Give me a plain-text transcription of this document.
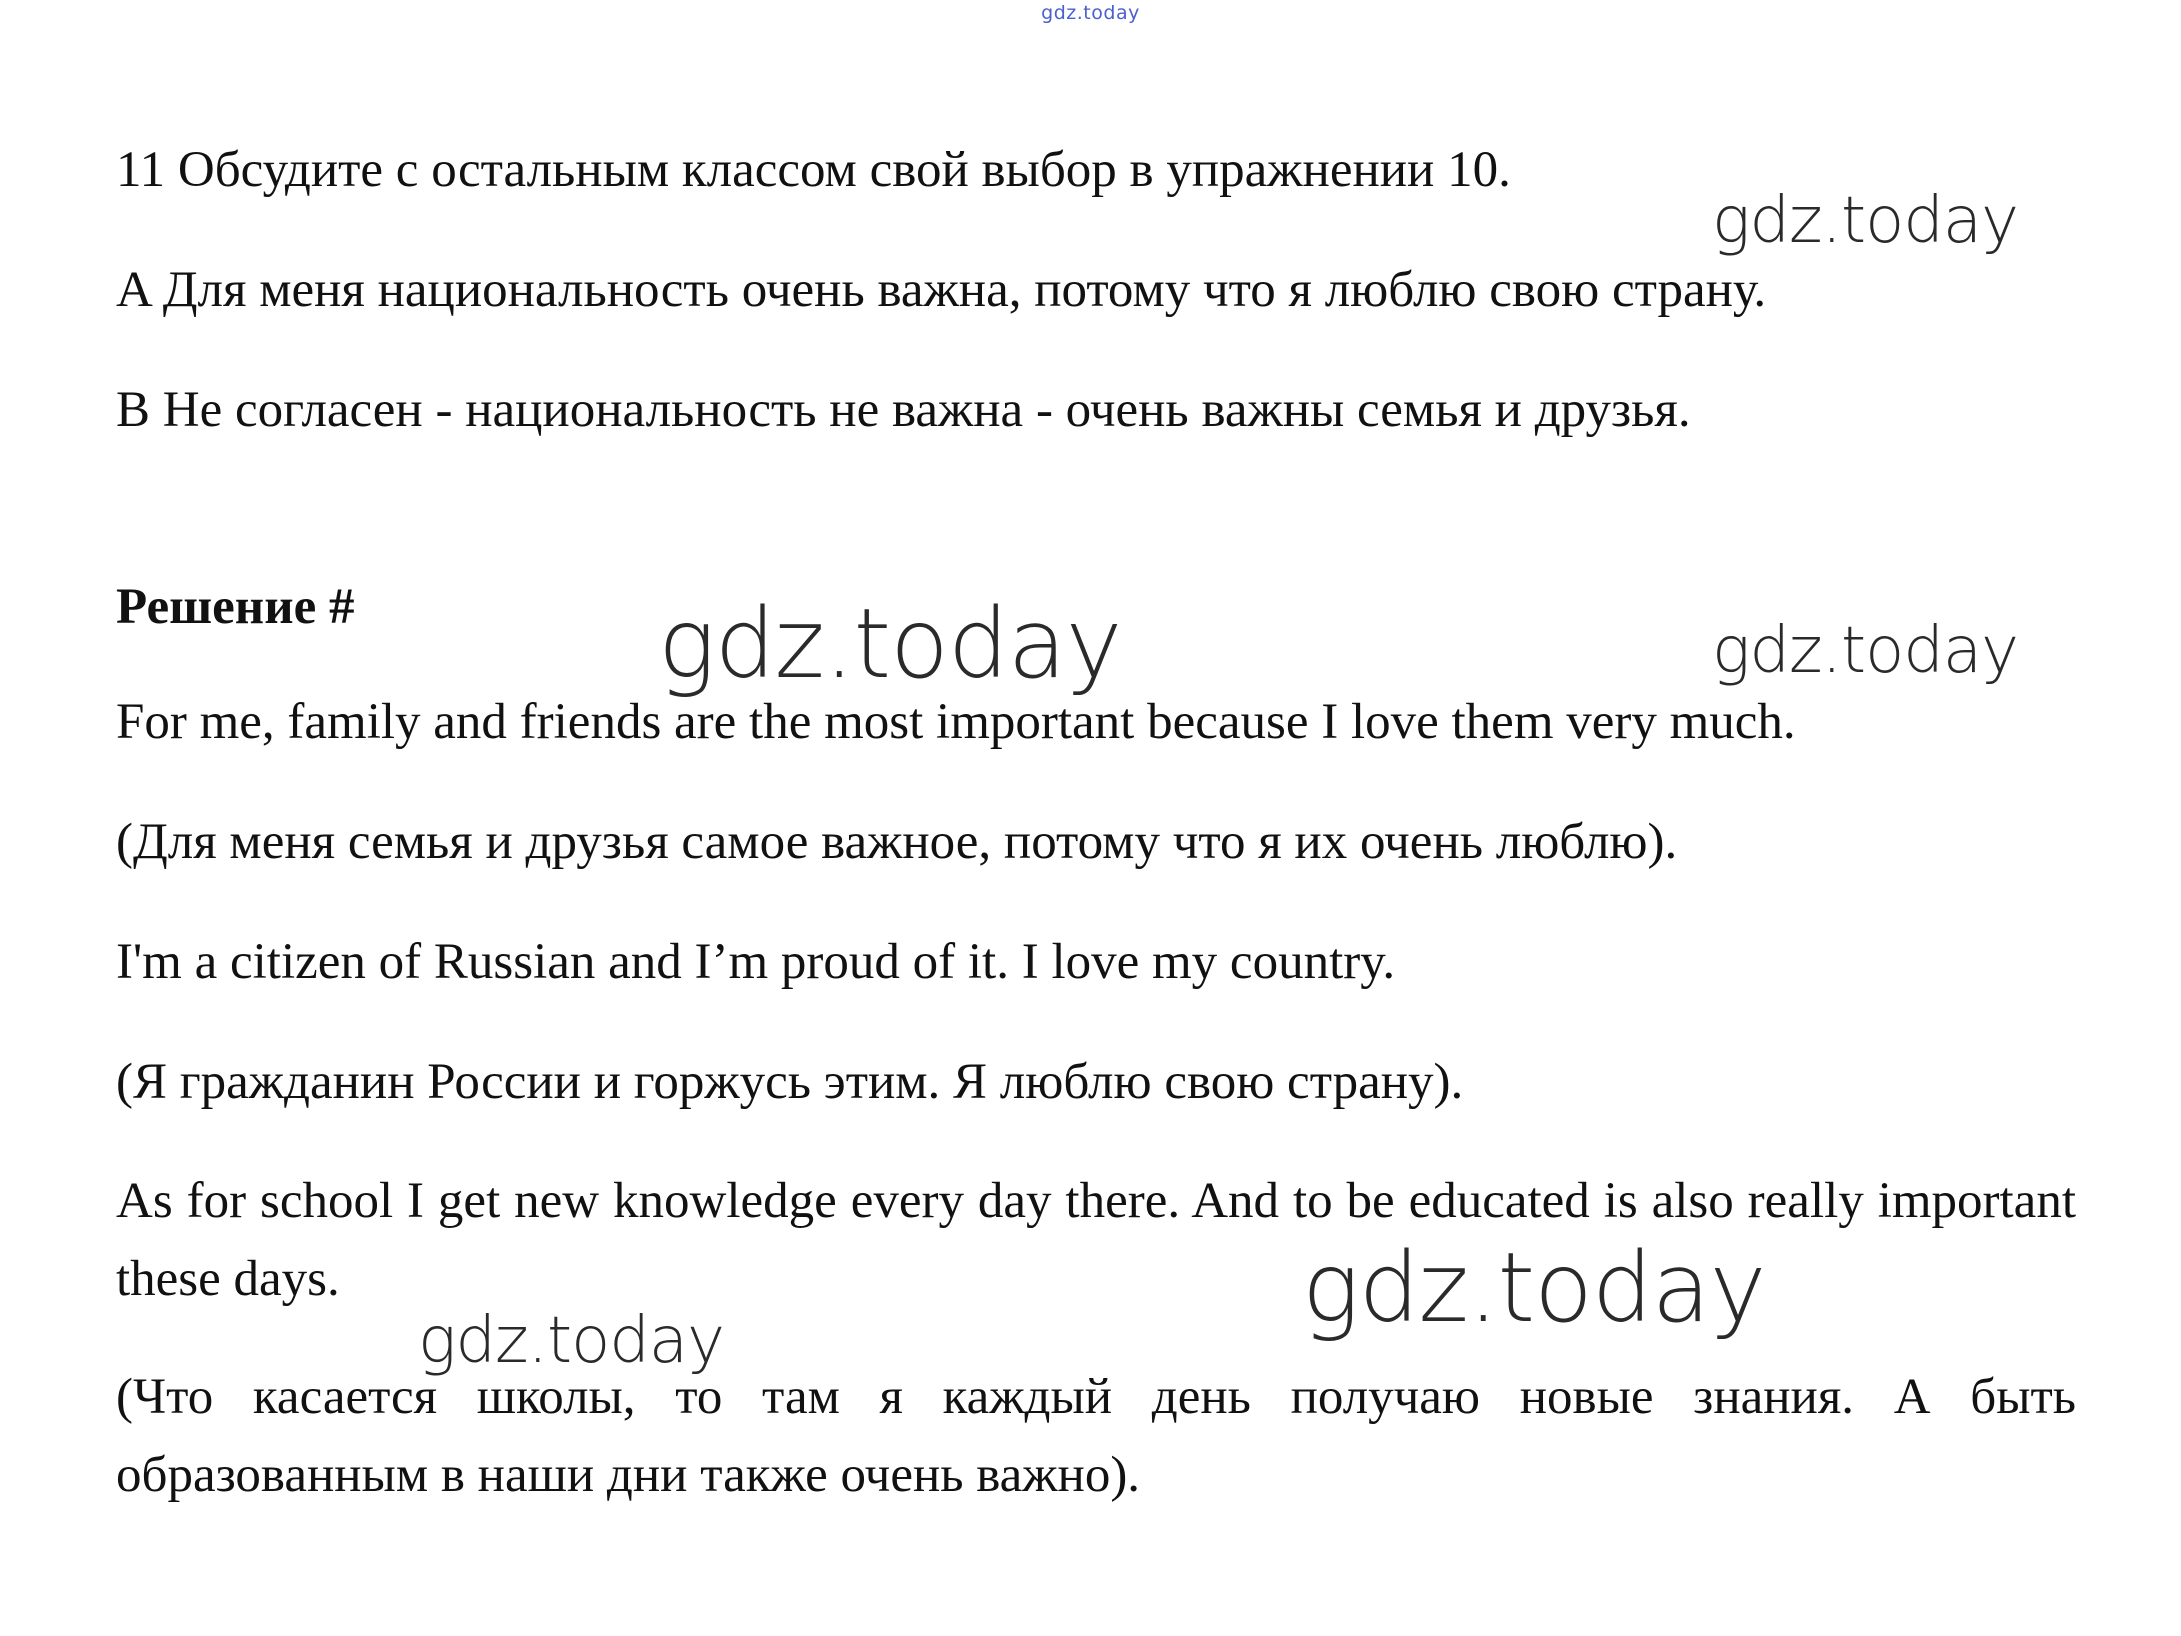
gdz.today

11 Обсудите с остальным классом свой выбор в упражнении 10.

A Для меня национальность очень важна, потому что я люблю свою страну.

B Не согласен - национальность не важна - очень важны семья и друзья.

Решение #

For me, family and friends are the most important because I love them very much.

(Для меня семья и друзья самое важное, потому что я их очень люблю).

I'm a citizen of Russian and I’m proud of it. I love my country.

(Я гражданин России и горжусь этим. Я люблю свою страну).

As for school I get new knowledge every day there. And to be educated is also really important these days.

(Что касается школы, то там я каждый день получаю новые знания. А быть образованным в наши дни также очень важно).

gdz.today
gdz.today	gdz.today
gdz.today
gdz.today
